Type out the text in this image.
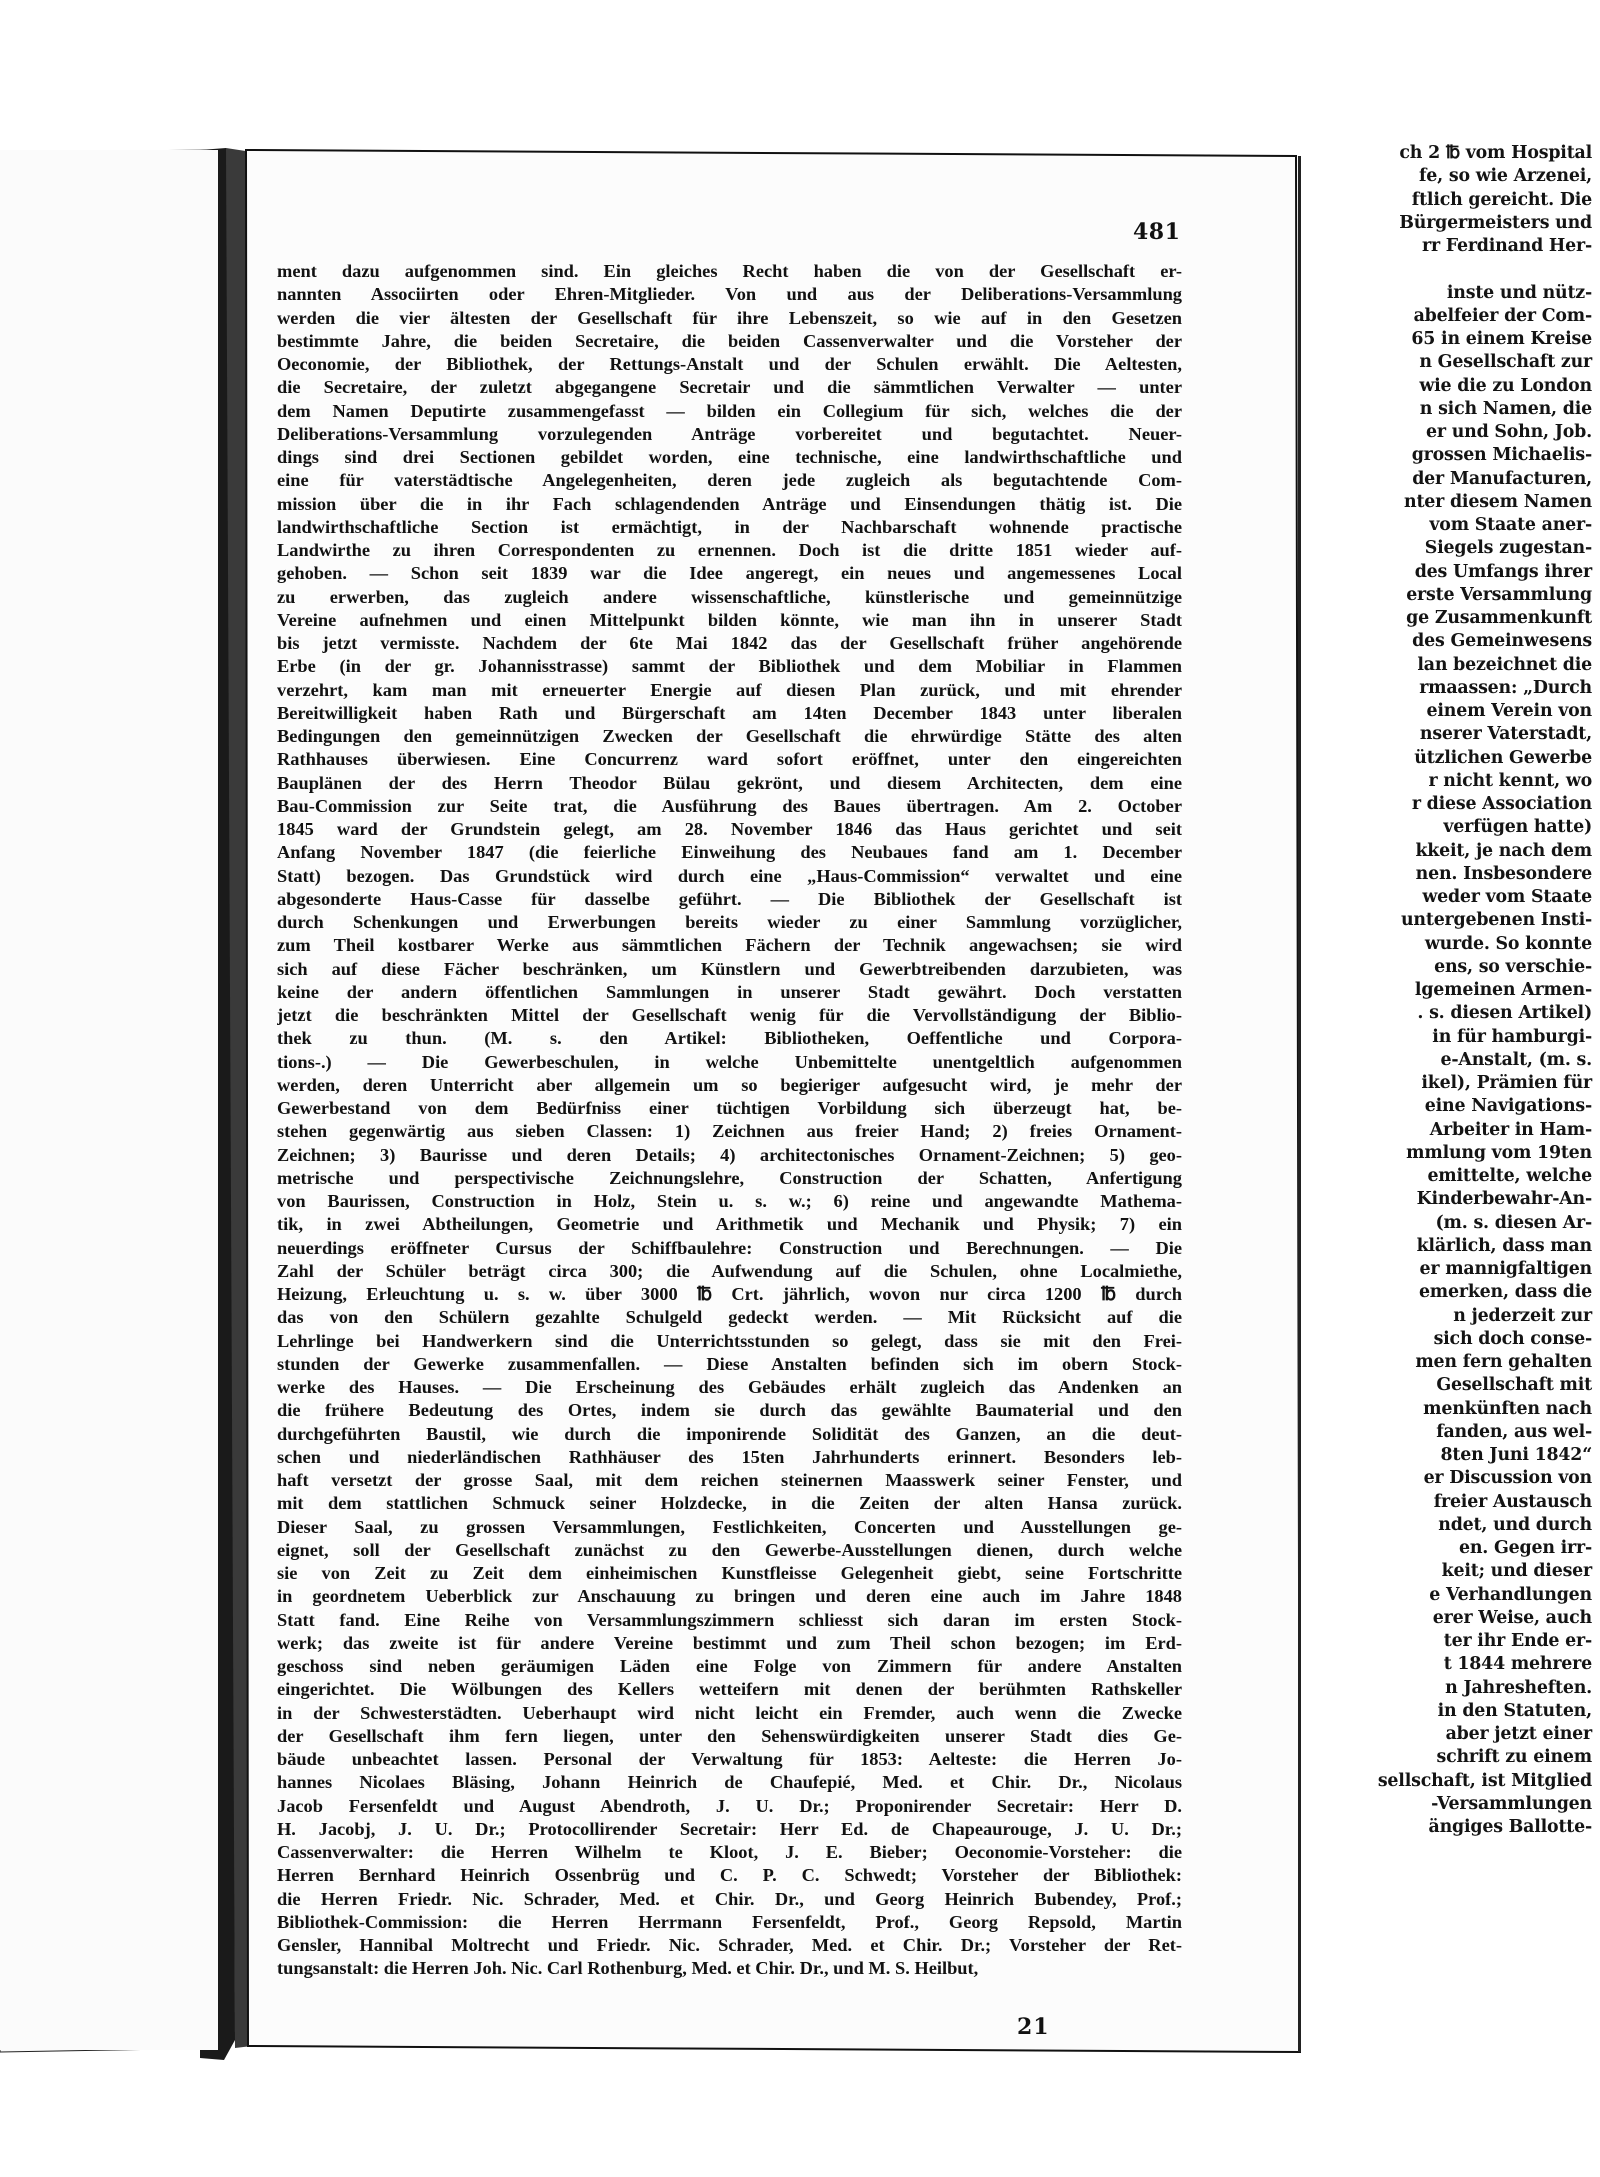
ch 2 ℔ vom Hospital
fe, so wie Arzenei,
ftlich gereicht. Die
Bürgermeisters und
rr Ferdinand Her-

inste und nütz-
abelfeier der Com-
65 in einem Kreise
n Gesellschaft zur
wie die zu London
n sich Namen, die
er und Sohn, Job.
grossen Michaelis-
der Manufacturen,
nter diesem Namen
vom Staate aner-
Siegels zugestan-
des Umfangs ihrer
erste Versammlung
ge Zusammenkunft
des Gemeinwesens
lan bezeichnet die
rmaassen: „Durch
einem Verein von
nserer Vaterstadt,
ützlichen Gewerbe
r nicht kennt, wo
r diese Association
verfügen hatte)
kkeit, je nach dem
nen. Insbesondere
weder vom Staate
untergebenen Insti-
wurde. So konnte
ens, so verschie-
lgemeinen Armen-
. s. diesen Artikel)
in für hamburgi-
e-Anstalt, (m. s.
ikel), Prämien für
eine Navigations-
Arbeiter in Ham-
mmlung vom 19ten
emittelte, welche
Kinderbewahr-An-
(m. s. diesen Ar-
klärlich, dass man
er mannigfaltigen
emerken, dass die
n jederzeit zur
sich doch conse-
men fern gehalten
Gesellschaft mit
menkünften nach
fanden, aus wel-
8ten Juni 1842“
er Discussion von
freier Austausch
ndet, und durch
en. Gegen irr-
keit; und dieser
e Verhandlungen
erer Weise, auch
ter ihr Ende er-
t 1844 mehrere
n Jahresheften.
in den Statuten,
aber jetzt einer
schrift zu einem
sellschaft, ist Mitglied
-Versammlungen
ängiges Ballotte-
481
ment dazu aufgenommen sind. Ein gleiches Recht haben die von der Gesellschaft er-
nannten Associirten oder Ehren-Mitglieder. Von und aus der Deliberations-Versammlung
werden die vier ältesten der Gesellschaft für ihre Lebenszeit, so wie auf in den Gesetzen
bestimmte Jahre, die beiden Secretaire, die beiden Cassenverwalter und die Vorsteher der
Oeconomie, der Bibliothek, der Rettungs-Anstalt und der Schulen erwählt. Die Aeltesten,
die Secretaire, der zuletzt abgegangene Secretair und die sämmtlichen Verwalter — unter
dem Namen Deputirte zusammengefasst — bilden ein Collegium für sich, welches die der
Deliberations-Versammlung vorzulegenden Anträge vorbereitet und begutachtet. Neuer-
dings sind drei Sectionen gebildet worden, eine technische, eine landwirthschaftliche und
eine für vaterstädtische Angelegenheiten, deren jede zugleich als begutachtende Com-
mission über die in ihr Fach schlagendenden Anträge und Einsendungen thätig ist. Die
landwirthschaftliche Section ist ermächtigt, in der Nachbarschaft wohnende practische
Landwirthe zu ihren Correspondenten zu ernennen. Doch ist die dritte 1851 wieder auf-
gehoben. — Schon seit 1839 war die Idee angeregt, ein neues und angemessenes Local
zu erwerben, das zugleich andere wissenschaftliche, künstlerische und gemeinnützige
Vereine aufnehmen und einen Mittelpunkt bilden könnte, wie man ihn in unserer Stadt
bis jetzt vermisste. Nachdem der 6te Mai 1842 das der Gesellschaft früher angehörende
Erbe (in der gr. Johannisstrasse) sammt der Bibliothek und dem Mobiliar in Flammen
verzehrt, kam man mit erneuerter Energie auf diesen Plan zurück, und mit ehrender
Bereitwilligkeit haben Rath und Bürgerschaft am 14ten December 1843 unter liberalen
Bedingungen den gemeinnützigen Zwecken der Gesellschaft die ehrwürdige Stätte des alten
Rathhauses überwiesen. Eine Concurrenz ward sofort eröffnet, unter den eingereichten
Bauplänen der des Herrn Theodor Bülau gekrönt, und diesem Architecten, dem eine
Bau-Commission zur Seite trat, die Ausführung des Baues übertragen. Am 2. October
1845 ward der Grundstein gelegt, am 28. November 1846 das Haus gerichtet und seit
Anfang November 1847 (die feierliche Einweihung des Neubaues fand am 1. December
Statt) bezogen. Das Grundstück wird durch eine „Haus-Commission“ verwaltet und eine
abgesonderte Haus-Casse für dasselbe geführt. — Die Bibliothek der Gesellschaft ist
durch Schenkungen und Erwerbungen bereits wieder zu einer Sammlung vorzüglicher,
zum Theil kostbarer Werke aus sämmtlichen Fächern der Technik angewachsen; sie wird
sich auf diese Fächer beschränken, um Künstlern und Gewerbtreibenden darzubieten, was
keine der andern öffentlichen Sammlungen in unserer Stadt gewährt. Doch verstatten
jetzt die beschränkten Mittel der Gesellschaft wenig für die Vervollständigung der Biblio-
thek zu thun. (M. s. den Artikel: Bibliotheken, Oeffentliche und Corpora-
tions-.) — Die Gewerbeschulen, in welche Unbemittelte unentgeltlich aufgenommen
werden, deren Unterricht aber allgemein um so begieriger aufgesucht wird, je mehr der
Gewerbestand von dem Bedürfniss einer tüchtigen Vorbildung sich überzeugt hat, be-
stehen gegenwärtig aus sieben Classen: 1) Zeichnen aus freier Hand; 2) freies Ornament-
Zeichnen; 3) Baurisse und deren Details; 4) architectonisches Ornament-Zeichnen; 5) geo-
metrische und perspectivische Zeichnungslehre, Construction der Schatten, Anfertigung
von Baurissen, Construction in Holz, Stein u. s. w.; 6) reine und angewandte Mathema-
tik, in zwei Abtheilungen, Geometrie und Arithmetik und Mechanik und Physik; 7) ein
neuerdings eröffneter Cursus der Schiffbaulehre: Construction und Berechnungen. — Die
Zahl der Schüler beträgt circa 300; die Aufwendung auf die Schulen, ohne Localmiethe,
Heizung, Erleuchtung u. s. w. über 3000 ℔ Crt. jährlich, wovon nur circa 1200 ℔ durch
das von den Schülern gezahlte Schulgeld gedeckt werden. — Mit Rücksicht auf die
Lehrlinge bei Handwerkern sind die Unterrichtsstunden so gelegt, dass sie mit den Frei-
stunden der Gewerke zusammenfallen. — Diese Anstalten befinden sich im obern Stock-
werke des Hauses. — Die Erscheinung des Gebäudes erhält zugleich das Andenken an
die frühere Bedeutung des Ortes, indem sie durch das gewählte Baumaterial und den
durchgeführten Baustil, wie durch die imponirende Solidität des Ganzen, an die deut-
schen und niederländischen Rathhäuser des 15ten Jahrhunderts erinnert. Besonders leb-
haft versetzt der grosse Saal, mit dem reichen steinernen Maasswerk seiner Fenster, und
mit dem stattlichen Schmuck seiner Holzdecke, in die Zeiten der alten Hansa zurück.
Dieser Saal, zu grossen Versammlungen, Festlichkeiten, Concerten und Ausstellungen ge-
eignet, soll der Gesellschaft zunächst zu den Gewerbe-Ausstellungen dienen, durch welche
sie von Zeit zu Zeit dem einheimischen Kunstfleisse Gelegenheit giebt, seine Fortschritte
in geordnetem Ueberblick zur Anschauung zu bringen und deren eine auch im Jahre 1848
Statt fand. Eine Reihe von Versammlungszimmern schliesst sich daran im ersten Stock-
werk; das zweite ist für andere Vereine bestimmt und zum Theil schon bezogen; im Erd-
geschoss sind neben geräumigen Läden eine Folge von Zimmern für andere Anstalten
eingerichtet. Die Wölbungen des Kellers wetteifern mit denen der berühmten Rathskeller
in der Schwesterstädten. Ueberhaupt wird nicht leicht ein Fremder, auch wenn die Zwecke
der Gesellschaft ihm fern liegen, unter den Sehenswürdigkeiten unserer Stadt dies Ge-
bäude unbeachtet lassen. Personal der Verwaltung für 1853: Aelteste: die Herren Jo-
hannes Nicolaes Bläsing, Johann Heinrich de Chaufepié, Med. et Chir. Dr., Nicolaus
Jacob Fersenfeldt und August Abendroth, J. U. Dr.; Proponirender Secretair: Herr D.
H. Jacobj, J. U. Dr.; Protocollirender Secretair: Herr Ed. de Chapeaurouge, J. U. Dr.;
Cassenverwalter: die Herren Wilhelm te Kloot, J. E. Bieber; Oeconomie-Vorsteher: die
Herren Bernhard Heinrich Ossenbrüg und C. P. C. Schwedt; Vorsteher der Bibliothek:
die Herren Friedr. Nic. Schrader, Med. et Chir. Dr., und Georg Heinrich Bubendey, Prof.;
Bibliothek-Commission: die Herren Herrmann Fersenfeldt, Prof., Georg Repsold, Martin
Gensler, Hannibal Moltrecht und Friedr. Nic. Schrader, Med. et Chir. Dr.; Vorsteher der Ret-
tungsanstalt: die Herren Joh. Nic. Carl Rothenburg, Med. et Chir. Dr., und M. S. Heilbut,
21
